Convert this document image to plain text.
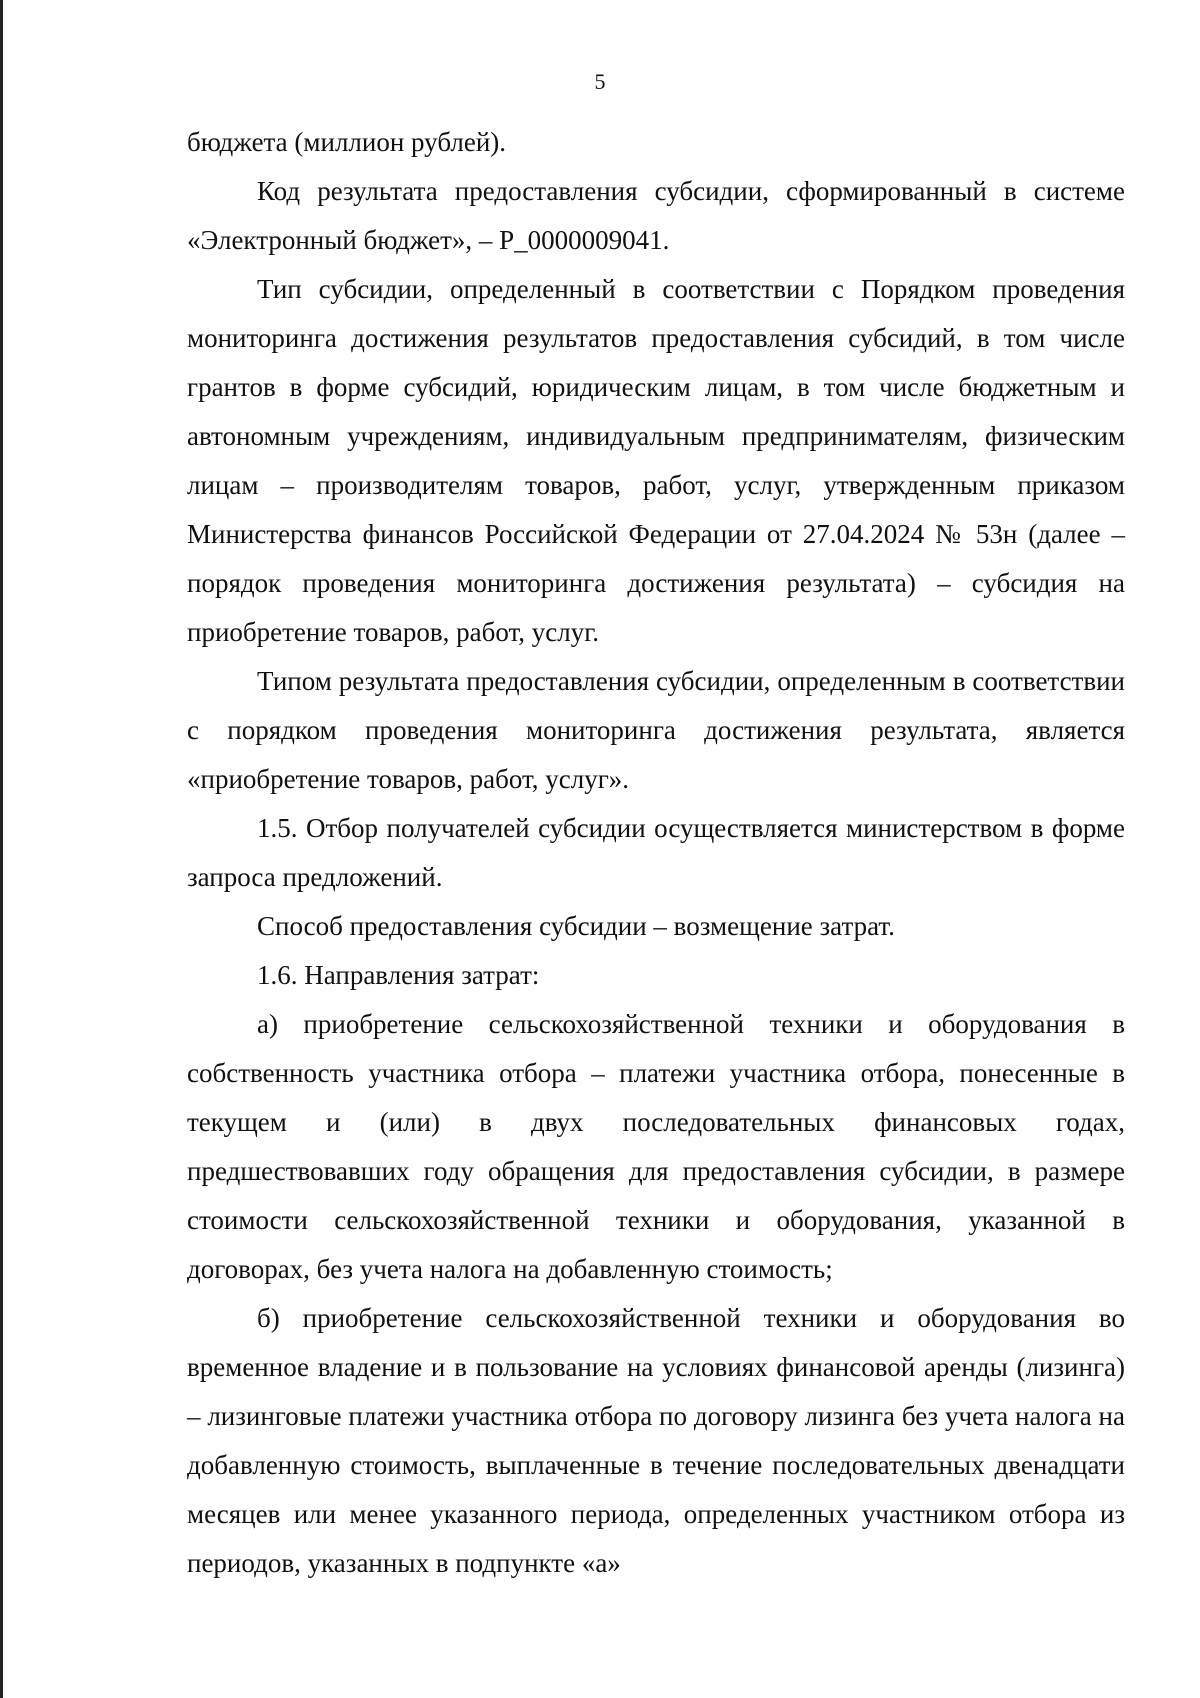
5

бюджета (миллион рублей).

Код результата предоставления субсидии, сформированный в системе «Электронный бюджет», – Р_0000009041.

Тип субсидии, определенный в соответствии с Порядком проведения мониторинга достижения результатов предоставления субсидий, в том числе грантов в форме субсидий, юридическим лицам, в том числе бюджетным и автономным учреждениям, индивидуальным предпринимателям, физическим лицам – производителям товаров, работ, услуг, утвержденным приказом Министерства финансов Российской Федерации от 27.04.2024 № 53н (далее – порядок проведения мониторинга достижения результата) – субсидия на приобретение товаров, работ, услуг.

Типом результата предоставления субсидии, определенным в соответствии с порядком проведения мониторинга достижения результата, является «приобретение товаров, работ, услуг».

1.5. Отбор получателей субсидии осуществляется министерством в форме запроса предложений.

Способ предоставления субсидии – возмещение затрат.

1.6. Направления затрат:

а) приобретение сельскохозяйственной техники и оборудования в собственность участника отбора – платежи участника отбора, понесенные в текущем и (или) в двух последовательных финансовых годах, предшествовавших году обращения для предоставления субсидии, в размере стоимости сельскохозяйственной техники и оборудования, указанной в договорах, без учета налога на добавленную стоимость;

б) приобретение сельскохозяйственной техники и оборудования во временное владение и в пользование на условиях финансовой аренды (лизинга) – лизинговые платежи участника отбора по договору лизинга без учета налога на добавленную стоимость, выплаченные в течение последовательных двенадцати месяцев или менее указанного периода, определенных участником отбора из периодов, указанных в подпункте «а»
